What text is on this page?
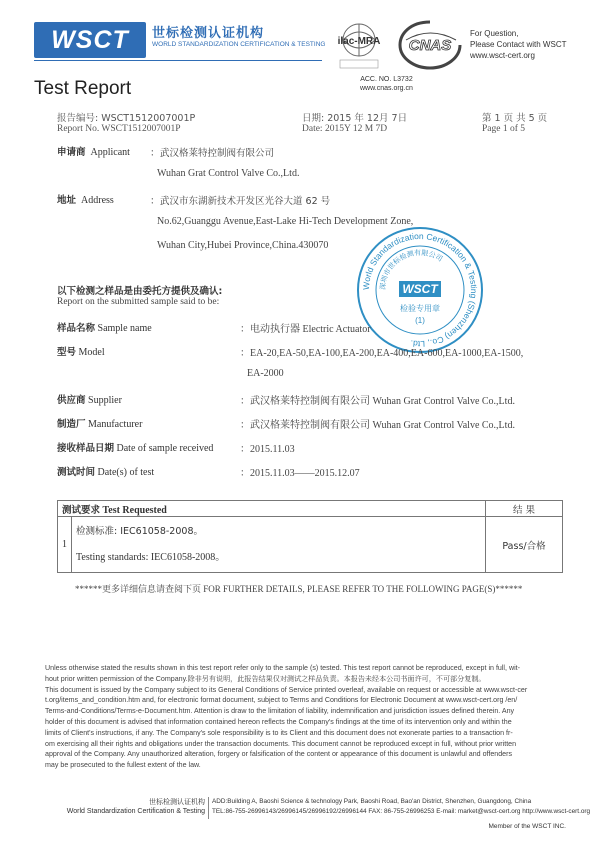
WSCT	世标检测认证机构
WORLD STANDARDIZATION CERTIFICATION & TESTING ilac-MRA CNAS
For Question,
Please Contact with WSCT
www.wsct-cert.org
ACC. NO. L3732
www.cnas.org.cn
Test Report
报告编号: WSCT1512007001P
Report No. WSCT1512007001P
日期: 2015 年 12月 7日
Date: 2015Y 12 M 7D
第 1 页 共 5 页
Page 1 of 5
申请商 Applicant ：武汉格莱特控制阀有限公司
Wuhan Grat Control Valve Co.,Ltd.
地址 Address	：武汉市东湖新技术开发区光谷大道 62 号
No.62,Guanggu Avenue,East-Lake Hi-Tech Development Zone,
Wuhan City,Hubei Province,China.430070
World Standardization Certification & Testing (Shenzhen) Co., Ltd.
深圳市世标检测有限公司
WSCT
检验专用章
(1)
以下检测之样品是由委托方提供及确认:
Report on the submitted sample said to be:
样品名称 Sample name	：电动执行器 Electric Actuator
型号 Model	：EA-20,EA-50,EA-100,EA-200,EA-400,EA-600,EA-1000,EA-1500,
EA-2000
供应商 Supplier	：武汉格莱特控制阀有限公司 Wuhan Grat Control Valve Co.,Ltd.
制造厂 Manufacturer	：武汉格莱特控制阀有限公司 Wuhan Grat Control Valve Co.,Ltd.
接收样品日期 Date of sample received	：2015.11.03
测试时间 Date(s) of test	：2015.11.03——2015.12.07
测试要求 Test Requested		结 果
1	检测标准: IEC61058-2008。
Testing standards: IEC61058-2008。	Pass/合格
******更多详细信息请查阅下页 FOR FURTHER DETAILS, PLEASE REFER TO THE FOLLOWING PAGE(S)******
Unless otherwise stated the results shown in this test report refer only to the sample (s) tested. This test report cannot be reproduced, except in full, wit-
hout prior written permission of the Company.除非另有说明，此报告结果仅对测试之样品负责。本报告未经本公司书面许可，不可部分复制。
This document is issued by the Company subject to its General Conditions of Service printed overleaf, available on request or accessible at www.wsct-cer
t.org/items_and_condition.htm and, for electronic format document, subject to Terms and Conditions for Electronic Document at www.wsct-cert.org /en/
Terms-and-Conditions/Terms-e-Document.htm. Attention is draw to the limitation of liability, indemnification and jurisdiction issues defined therein. Any
holder of this document is advised that information contained hereon reflects the Company's findings at the time of its intervention only and within the
limits of Client's instructions, if any. The Company's sole responsibility is to its Client and this document does not exonerate parties to a transaction fr-
om exercising all their rights and obligations under the transaction documents. This document cannot be reproduced except in full, without prior written
approval of the Company. Any unauthorized alteration, forgery or falsification of the content or appearance of this document is unlawful and offenders
may be prosecuted to the fullest extent of the law.
世标检测认证机构
World Standardization Certification & Testing
ADD:Building A, Baoshi Science & technology Park, Baoshi Road, Bao'an District, Shenzhen, Guangdong, China
TEL:86-755-26996143/26996145/26996192/26996144 FAX: 86-755-26996253 E-mail: market@wsct-cert.org http://www.wsct-cert.org
Member of the WSCT INC.
